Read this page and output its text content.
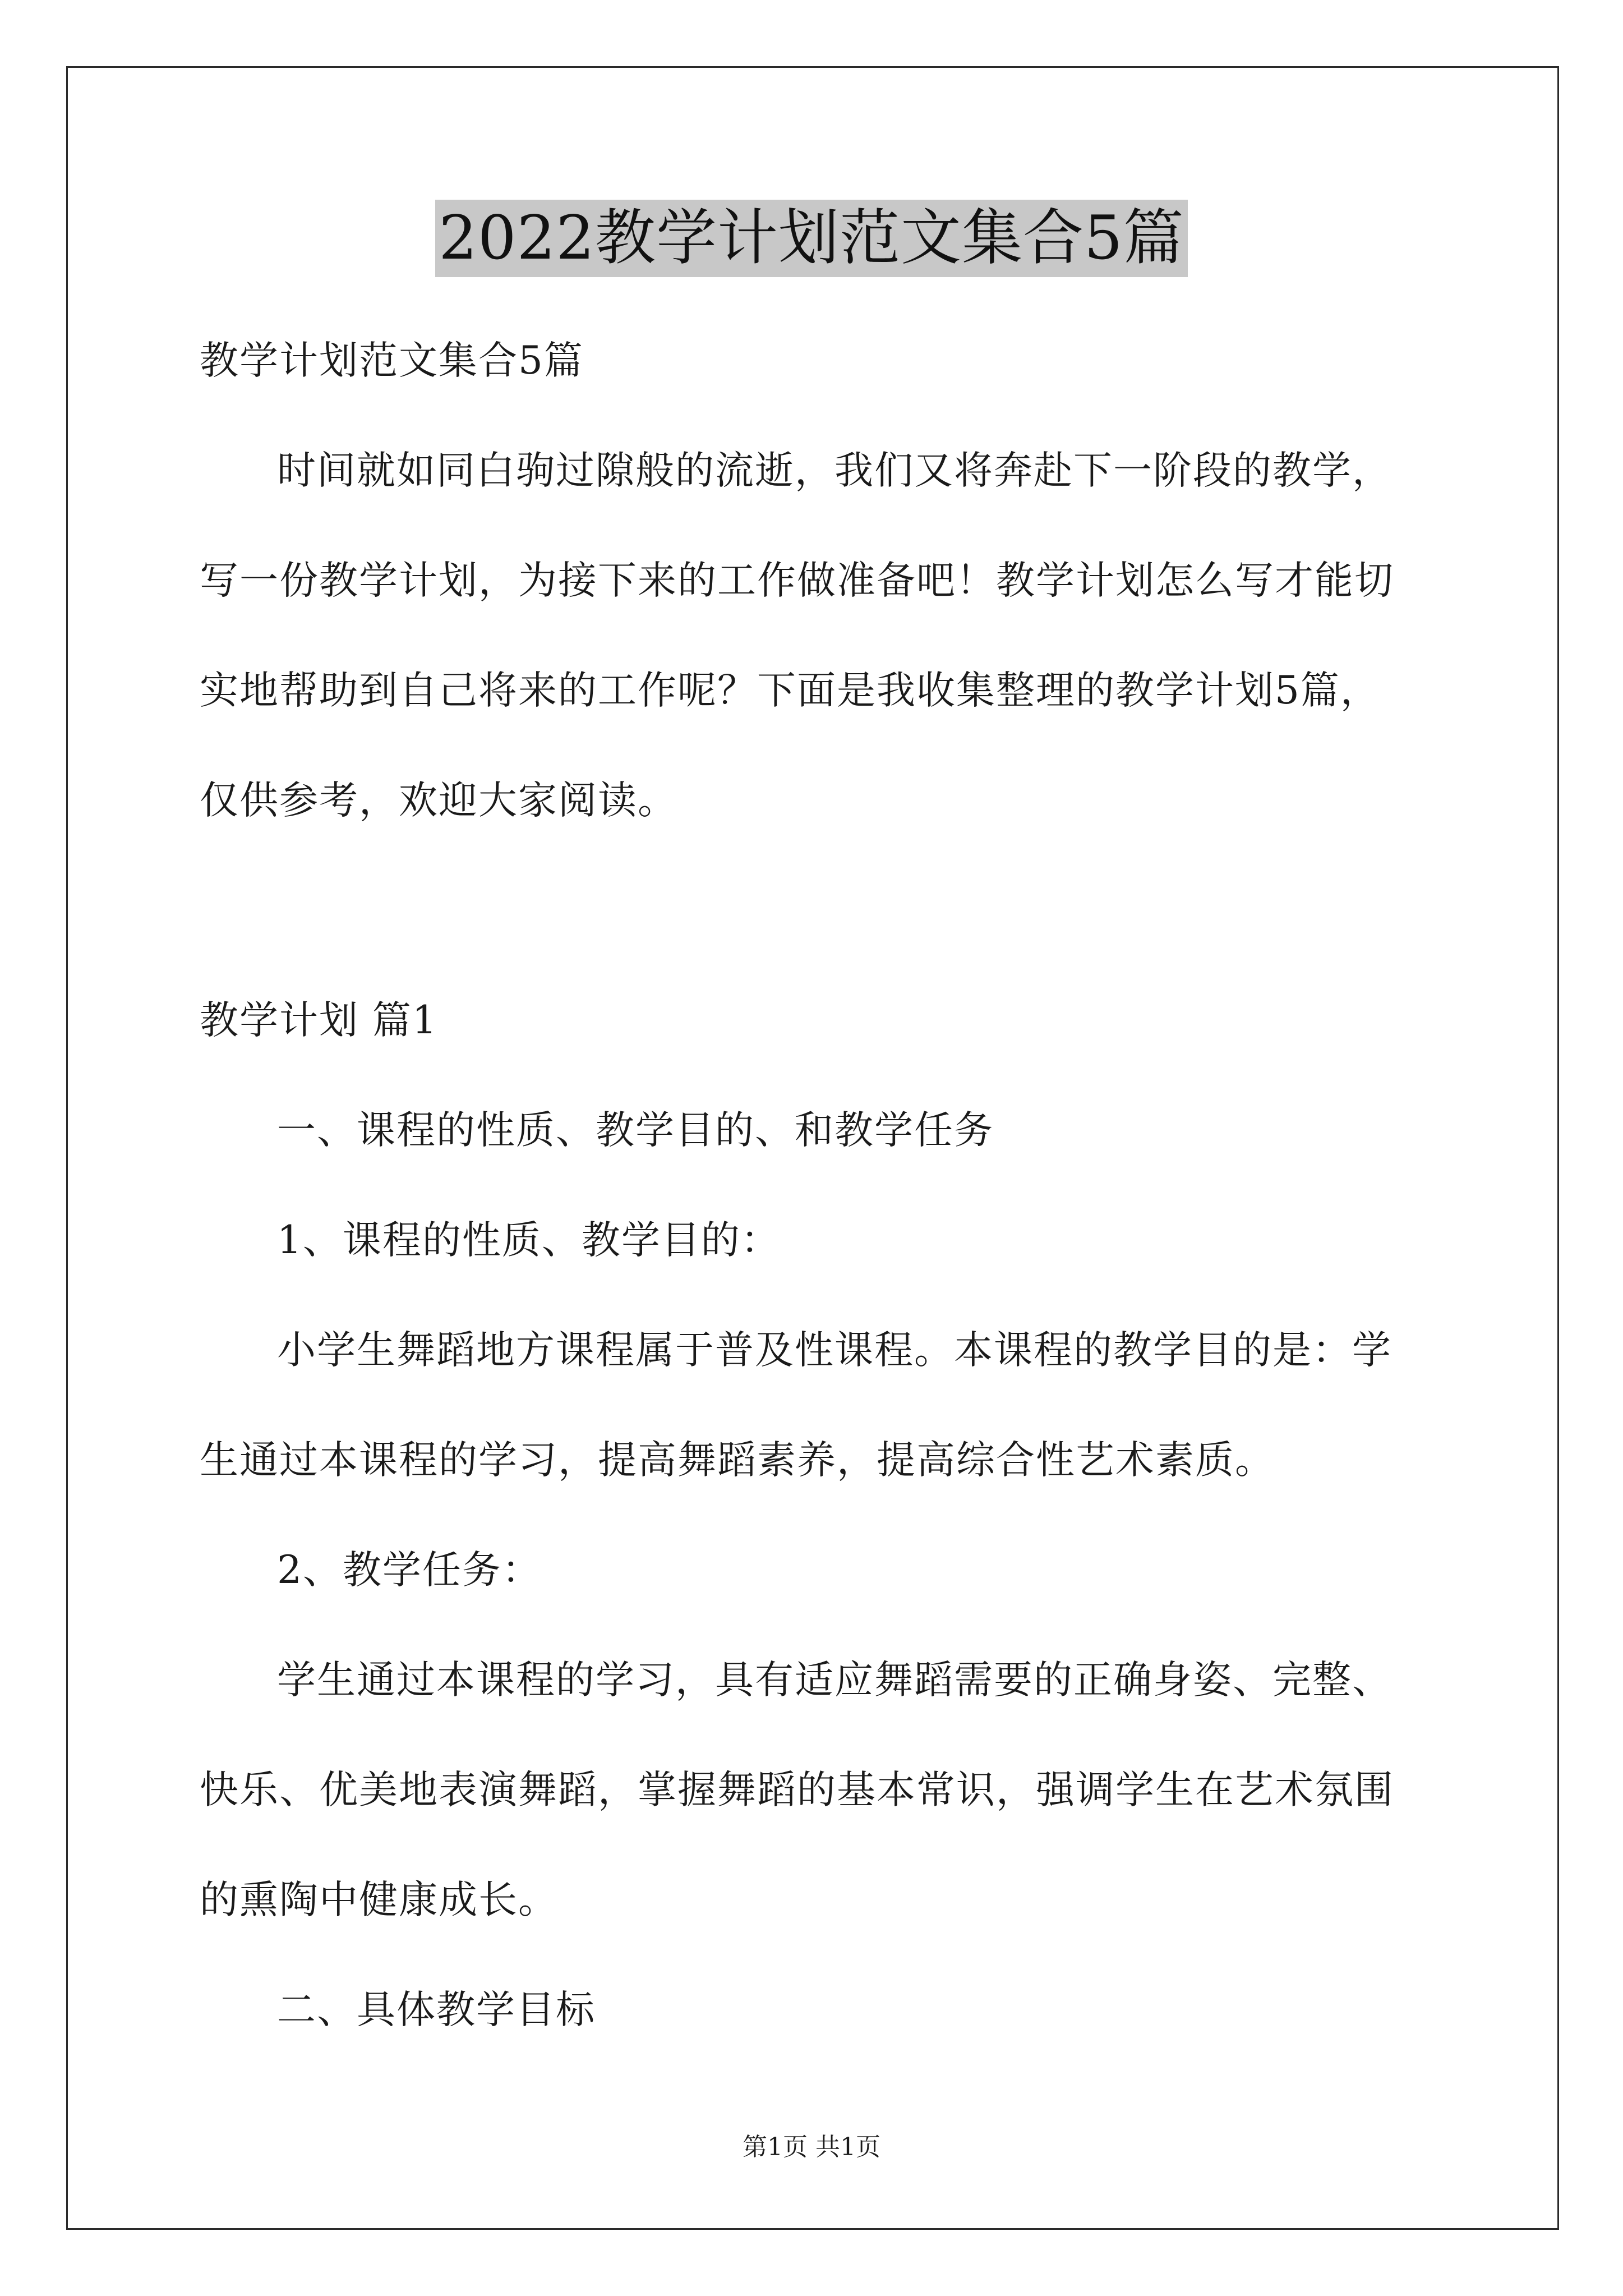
2022教学计划范文集合5篇
教学计划范文集合5篇
时间就如同白驹过隙般的流逝，我们又将奔赴下一阶段的教学，
写一份教学计划，为接下来的工作做准备吧！教学计划怎么写才能切
实地帮助到自己将来的工作呢？下面是我收集整理的教学计划5篇，
仅供参考，欢迎大家阅读。
教学计划 篇1
一、课程的性质、教学目的、和教学任务
1、课程的性质、教学目的：
小学生舞蹈地方课程属于普及性课程。本课程的教学目的是：学
生通过本课程的学习，提高舞蹈素养，提高综合性艺术素质。
2、教学任务：
学生通过本课程的学习，具有适应舞蹈需要的正确身姿、完整、
快乐、优美地表演舞蹈，掌握舞蹈的基本常识，强调学生在艺术氛围
的熏陶中健康成长。
二、具体教学目标
第1页 共1页
